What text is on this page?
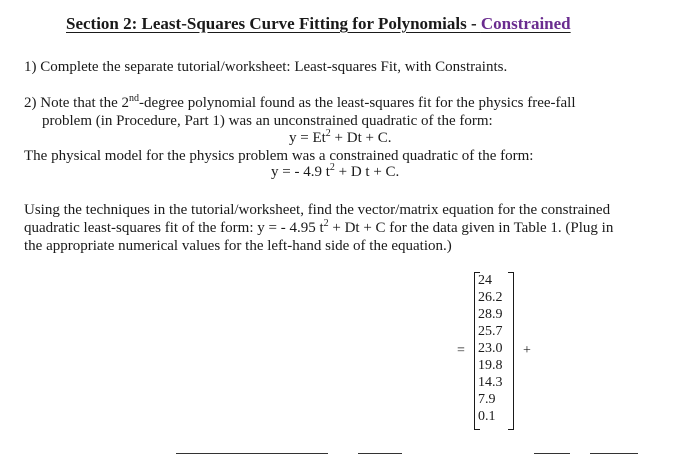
Section 2: Least-Squares Curve Fitting for Polynomials - Constrained
1) Complete the separate tutorial/worksheet: Least-squares Fit, with Constraints.
2) Note that the 2nd-degree polynomial found as the least-squares fit for the physics free-fall
problem (in Procedure, Part 1) was an unconstrained quadratic of the form:
$y = Et^2 + Dt + C$.
The physical model for the physics problem was a constrained quadratic of the form:
y = - 4.9 $t^2 + D$ t + C.
Using the techniques in the tutorial/worksheet, find the vector/matrix equation for the constrained
quadratic least-squares fit of the form: y = - 4.95 $t^2 + Dt + C$ for the data given in Table 1. (Plug in
the appropriate numerical values for the left-hand side of the equation.)
=
24
26.2
28.9
25.7
23.0
19.8
14.3
7.9
0.1
+
